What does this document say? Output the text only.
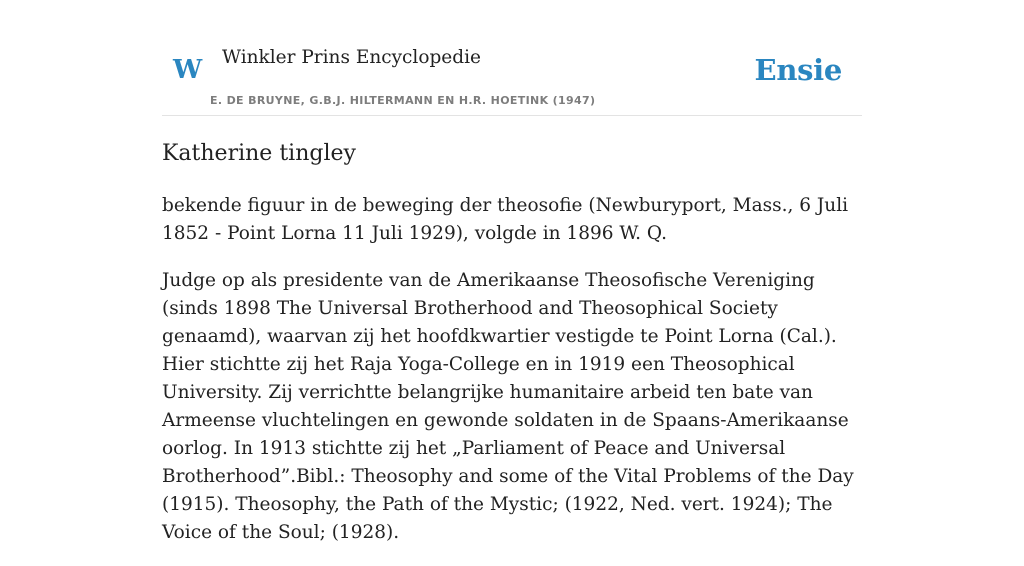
W Winkler Prins Encyclopedie
E. DE BRUYNE, G.B.J. HILTERMANN EN H.R. HOETINK (1947)
Ensie
Katherine tingley

bekende figuur in de beweging der theosofie (Newburyport, Mass., 6 Juli 1852 - Point Lorna 11 Juli 1929), volgde in 1896 W. Q.

Judge op als presidente van de Amerikaanse Theosofische Vereniging (sinds 1898 The Universal Brotherhood and Theosophical Society genaamd), waarvan zij het hoofdkwartier vestigde te Point Lorna (Cal.). Hier stichtte zij het Raja Yoga-College en in 1919 een Theosophical University. Zij verrichtte belangrijke humanitaire arbeid ten bate van Armeense vluchtelingen en gewonde soldaten in de Spaans-Amerikaanse oorlog. In 1913 stichtte zij het „Parliament of Peace and Universal Brotherhood”.Bibl.: Theosophy and some of the Vital Problems of the Day (1915). Theosophy, the Path of the Mystic; (1922, Ned. vert. 1924); The Voice of the Soul; (1928).
